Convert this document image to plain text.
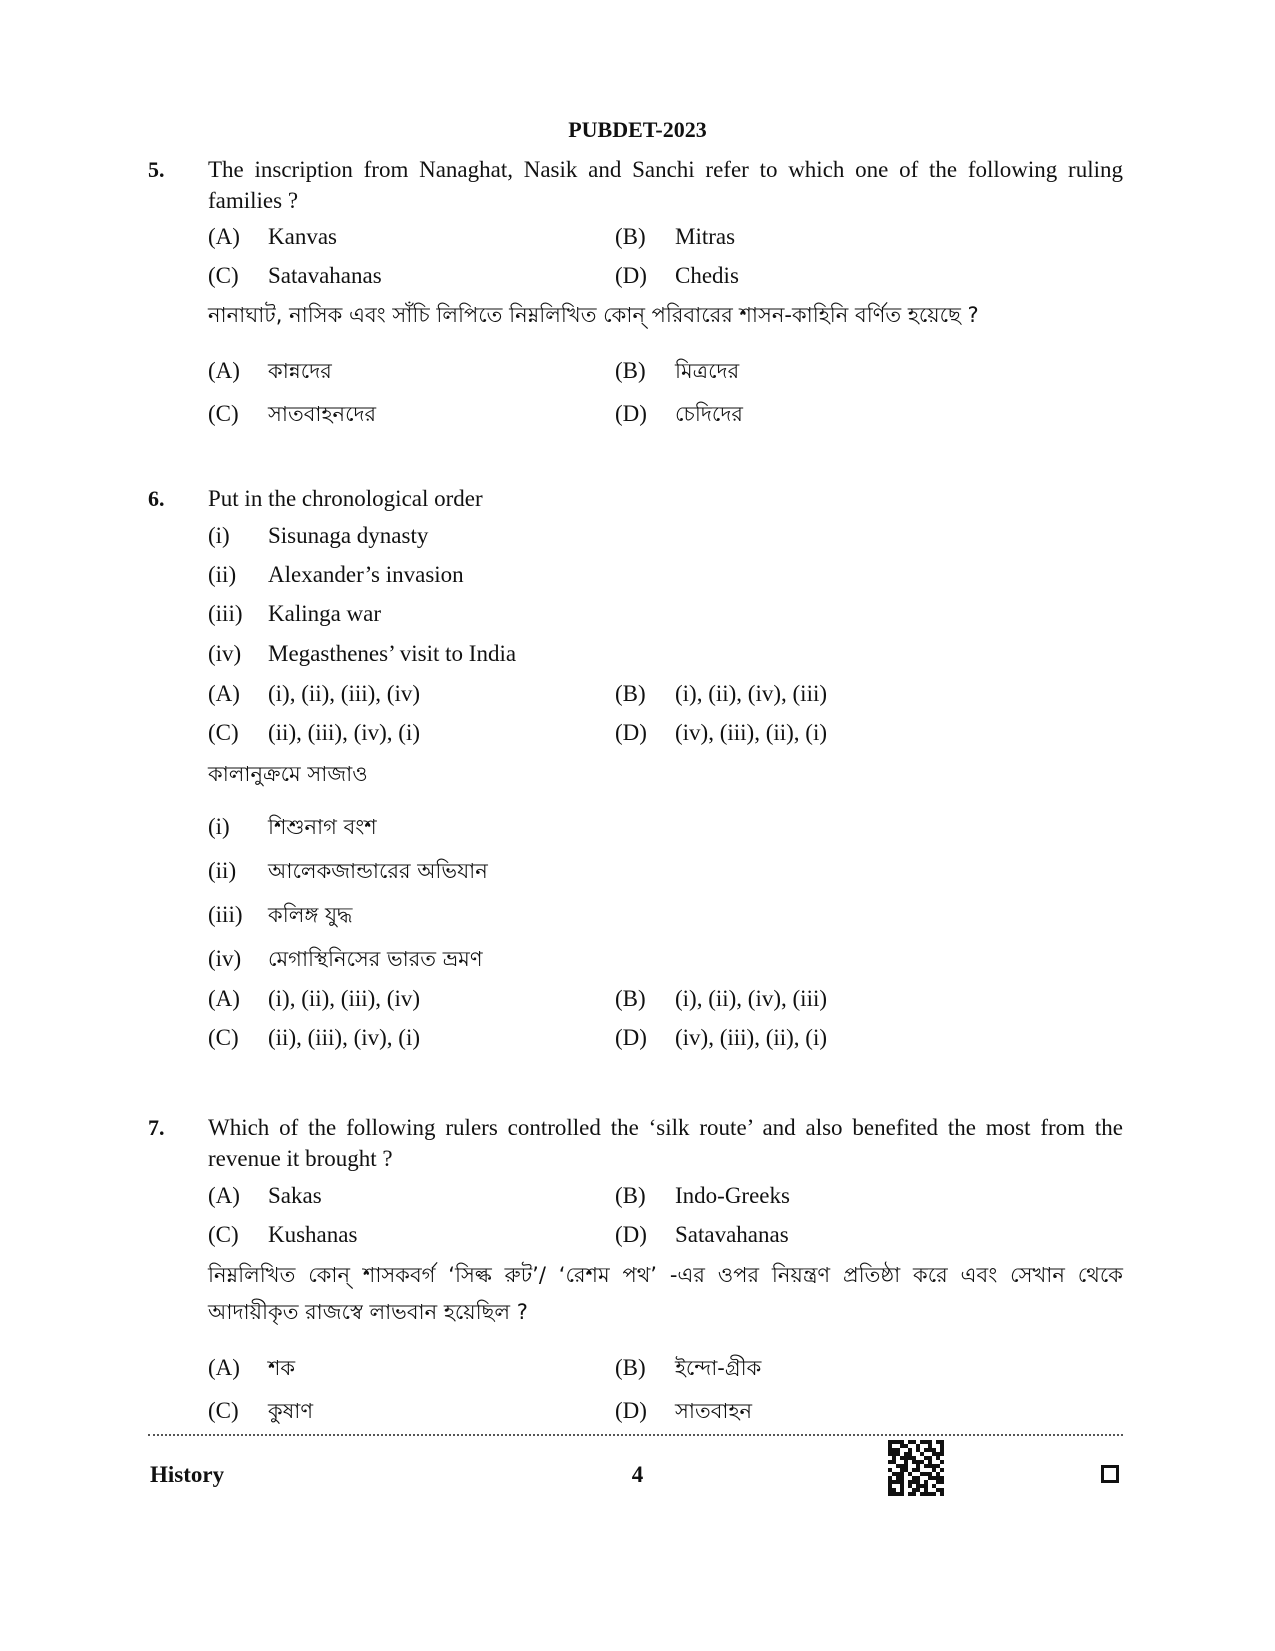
PUBDET-2023
5. The inscription from Nanaghat, Nasik and Sanchi refer to which one of the following ruling families ?
(A) Kanvas	(B) Mitras
(C) Satavahanas	(D) Chedis
নানাঘাট, নাসিক এবং সাঁচি লিপিতে নিম্নলিখিত কোন্ পরিবারের শাসন-কাহিনি বর্ণিত হয়েছে ?
(A) কান্নদের	(B) মিত্রদের
(C) সাতবাহনদের	(D) চেদিদের
6. Put in the chronological order
(i) Sisunaga dynasty
(ii) Alexander’s invasion
(iii) Kalinga war
(iv) Megasthenes’ visit to India
(A) (i), (ii), (iii), (iv)	(B) (i), (ii), (iv), (iii)
(C) (ii), (iii), (iv), (i)	(D) (iv), (iii), (ii), (i)
কালানুক্রমে সাজাও
(i) শিশুনাগ বংশ
(ii) আলেকজান্ডারের অভিযান
(iii) কলিঙ্গ যুদ্ধ
(iv) মেগাস্থিনিসের ভারত ভ্রমণ
(A) (i), (ii), (iii), (iv)	(B) (i), (ii), (iv), (iii)
(C) (ii), (iii), (iv), (i)	(D) (iv), (iii), (ii), (i)
7. Which of the following rulers controlled the ‘silk route’ and also benefited the most from the revenue it brought ?
(A) Sakas	(B) Indo-Greeks
(C) Kushanas	(D) Satavahanas
নিম্নলিখিত কোন্ শাসকবর্গ ‘সিল্ক রুট’/ ‘রেশম পথ’ -এর ওপর নিয়ন্ত্রণ প্রতিষ্ঠা করে এবং সেখান থেকে আদায়ীকৃত রাজস্বে লাভবান হয়েছিল ?
(A) শক	(B) ইন্দো-গ্রীক
(C) কুষাণ	(D) সাতবাহন
History	4
